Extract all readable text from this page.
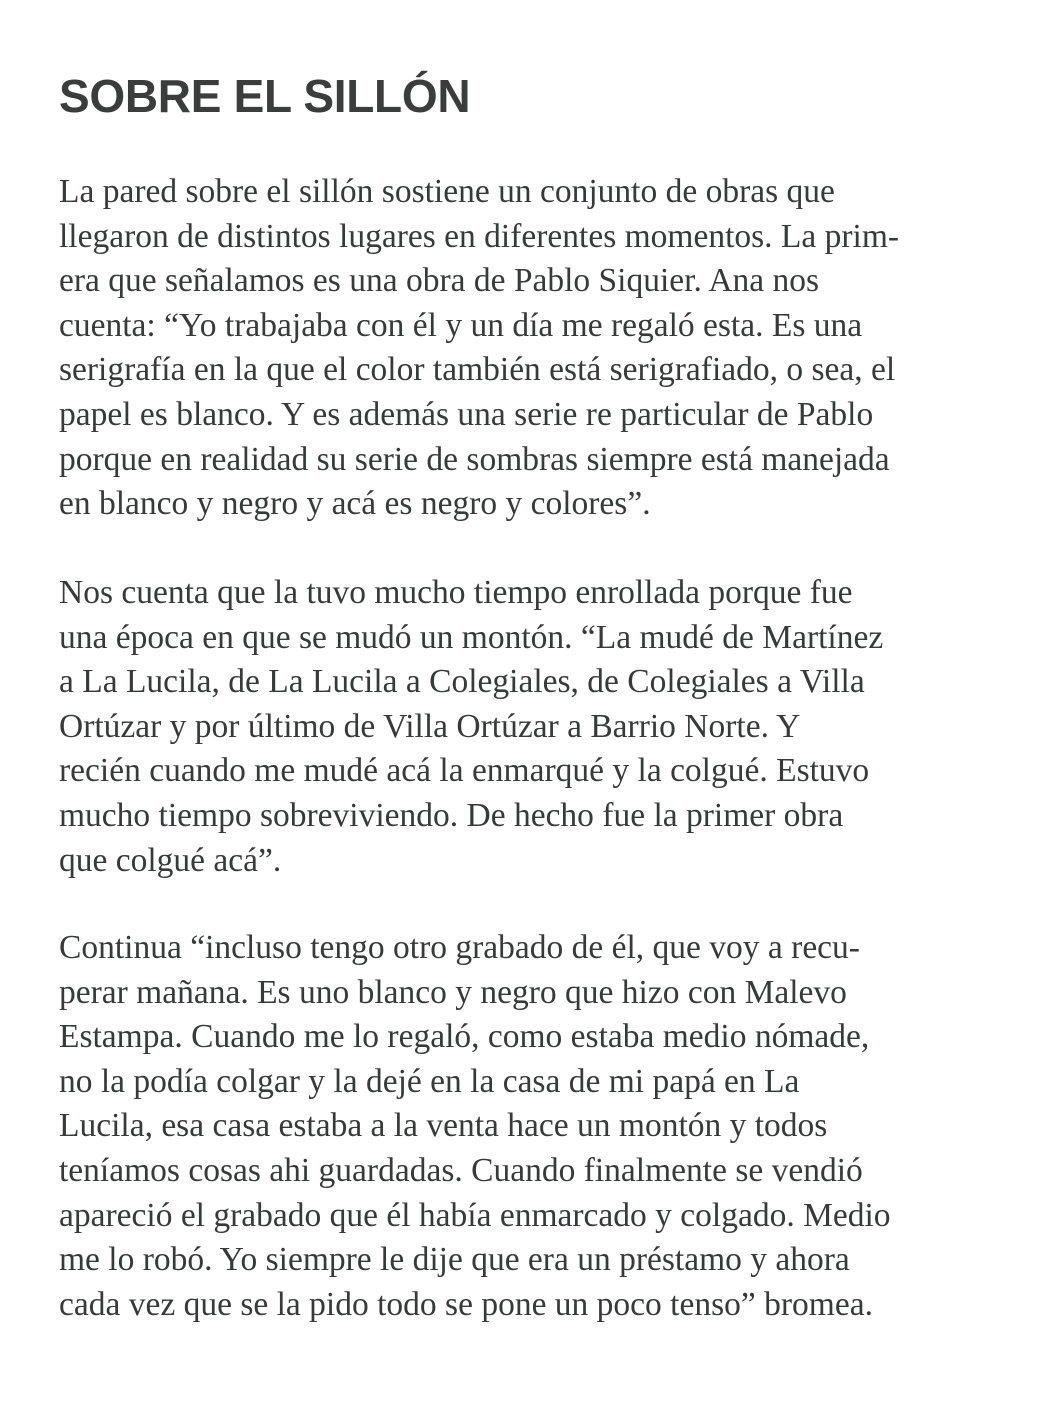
SOBRE EL SILLÓN

La pared sobre el sillón sostiene un conjunto de obras que
llegaron de distintos lugares en diferentes momentos. La prim-
era que señalamos es una obra de Pablo Siquier. Ana nos
cuenta: “Yo trabajaba con él y un día me regaló esta. Es una
serigrafía en la que el color también está serigrafiado, o sea, el
papel es blanco. Y es además una serie re particular de Pablo
porque en realidad su serie de sombras siempre está manejada
en blanco y negro y acá es negro y colores”.

Nos cuenta que la tuvo mucho tiempo enrollada porque fue
una época en que se mudó un montón. “La mudé de Martínez
a La Lucila, de La Lucila a Colegiales, de Colegiales a Villa
Ortúzar y por último de Villa Ortúzar a Barrio Norte. Y
recién cuando me mudé acá la enmarqué y la colgué. Estuvo
mucho tiempo sobreviviendo. De hecho fue la primer obra
que colgué acá”.

Continua “incluso tengo otro grabado de él, que voy a recu-
perar mañana. Es uno blanco y negro que hizo con Malevo
Estampa. Cuando me lo regaló, como estaba medio nómade,
no la podía colgar y la dejé en la casa de mi papá en La
Lucila, esa casa estaba a la venta hace un montón y todos
teníamos cosas ahi guardadas. Cuando finalmente se vendió
apareció el grabado que él había enmarcado y colgado. Medio
me lo robó. Yo siempre le dije que era un préstamo y ahora
cada vez que se la pido todo se pone un poco tenso” bromea.
